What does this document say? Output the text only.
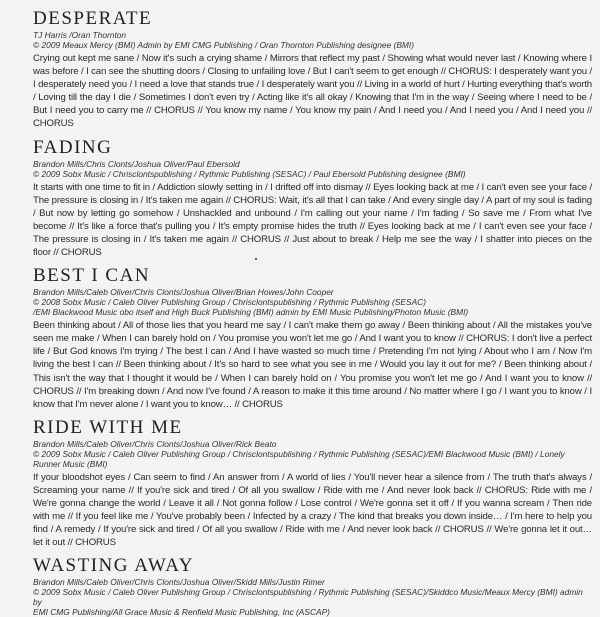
DESPERATE
TJ Harris /Oran Thornton
© 2009 Meaux Mercy (BMI) Admin by EMI CMG Publishing / Oran Thornton Publishing designee (BMI)
Crying out kept me sane / Now it's such a crying shame / Mirrors that reflect my past / Showing what would never last / Knowing where I was before / I can see the shutting doors / Closing to unfailing love / But I can't seem to get enough // CHORUS: I desperately want you / I desperately need you / I need a love that stands true / I desperately want you // Living in a world of hurt / Hurting everything that's worth / Loving till the day I die / Sometimes I don't even try / Acting like it's all okay / Knowing that I'm in the way / Seeing where I need to be / But I need you to carry me // CHORUS // You know my name / You know my pain / And I need you / And I need you / And I need you // CHORUS
FADING
Brandon Mills/Chris Clonts/Joshua Oliver/Paul Ebersold
© 2009 Sobx Music / Chrisclontspublishing / Rythmic Publishing (SESAC) / Paul Ebersold Publishing designee (BMI)
It starts with one time to fit in / Addiction slowly setting in / I drifted off into dismay // Eyes looking back at me / I can't even see your face / The pressure is closing in / It's taken me again // CHORUS: Wait, it's all that I can take / And every single day / A part of my soul is fading / But now by letting go somehow / Unshackled and unbound / I'm calling out your name / I'm fading / So save me / From what I've become // It's like a force that's pulling you / It's empty promise hides the truth // Eyes looking back at me / I can't even see your face / The pressure is closing in / It's taken me again // CHORUS // Just about to break / Help me see the way / I shatter into pieces on the floor // CHORUS
BEST I CAN
Brandon Mills/Caleb Oliver/Chris Clonts/Joshua Oliver/Brian Howes/John Cooper
© 2008 Sobx Music / Caleb Oliver Publishing Group / Chrisclontspublishing / Rythmic Publishing (SESAC)
/EMI Blackwood Music obo itself and High Buck Publishing (BMI) admin by EMI Music Publishing/Photon Music (BMI)
Been thinking about / All of those lies that you heard me say / I can't make them go away / Been thinking about / All the mistakes you've seen me make / When I can barely hold on / You promise you won't let me go / And I want you to know // CHORUS: I don't live a perfect life / But God knows I'm trying / The best I can / And I have wasted so much time / Pretending I'm not lying / About who I am / Now I'm living the best I can // Been thinking about / It's so hard to see what you see in me / Would you lay it out for me? / Been thinking about / This isn't the way that I thought it would be / When I can barely hold on / You promise you won't let me go / And I want you to know // CHORUS // I'm breaking down / And now I've found / A reason to make it this time around / No matter where I go / I want you to know / I know that I'm never alone / I want you to know… // CHORUS
RIDE WITH ME
Brandon Mills/Caleb Oliver/Chris Clonts/Joshua Oliver/Rick Beato
© 2009 Sobx Music / Caleb Oliver Publishing Group / Chrisclontspublishing / Rythmic Publishing (SESAC)/EMI Blackwood Music (BMI) / Lonely Runner Music (BMI)
If your bloodshot eyes / Can seem to find / An answer from / A world of lies / You'll never hear a silence from / The truth that's always / Screaming your name // If you're sick and tired / Of all you swallow / Ride with me / And never look back // CHORUS: Ride with me / We're gonna change the world / Leave it all / Not gonna follow / Lose control / We're gonna set it off / If you wanna scream / Then ride with me // If you feel like me / You've probably been / Infected by a crazy / The kind that breaks you down inside… / I'm here to help you find / A remedy / If you're sick and tired / Of all you swallow / Ride with me / And never look back // CHORUS // We're gonna let it out… let it out // CHORUS
WASTING AWAY
Brandon Mills/Caleb Oliver/Chris Clonts/Joshua Oliver/Skidd Mills/Justin Rimer
© 2009 Sobx Music / Caleb Oliver Publishing Group / Chrisclontspublishing / Rythmic Publishing (SESAC)/Skiddco Music/Meaux Mercy (BMI) admin by
EMI CMG Publishing/All Grace Music & Renfield Music Publishing, Inc (ASCAP)
